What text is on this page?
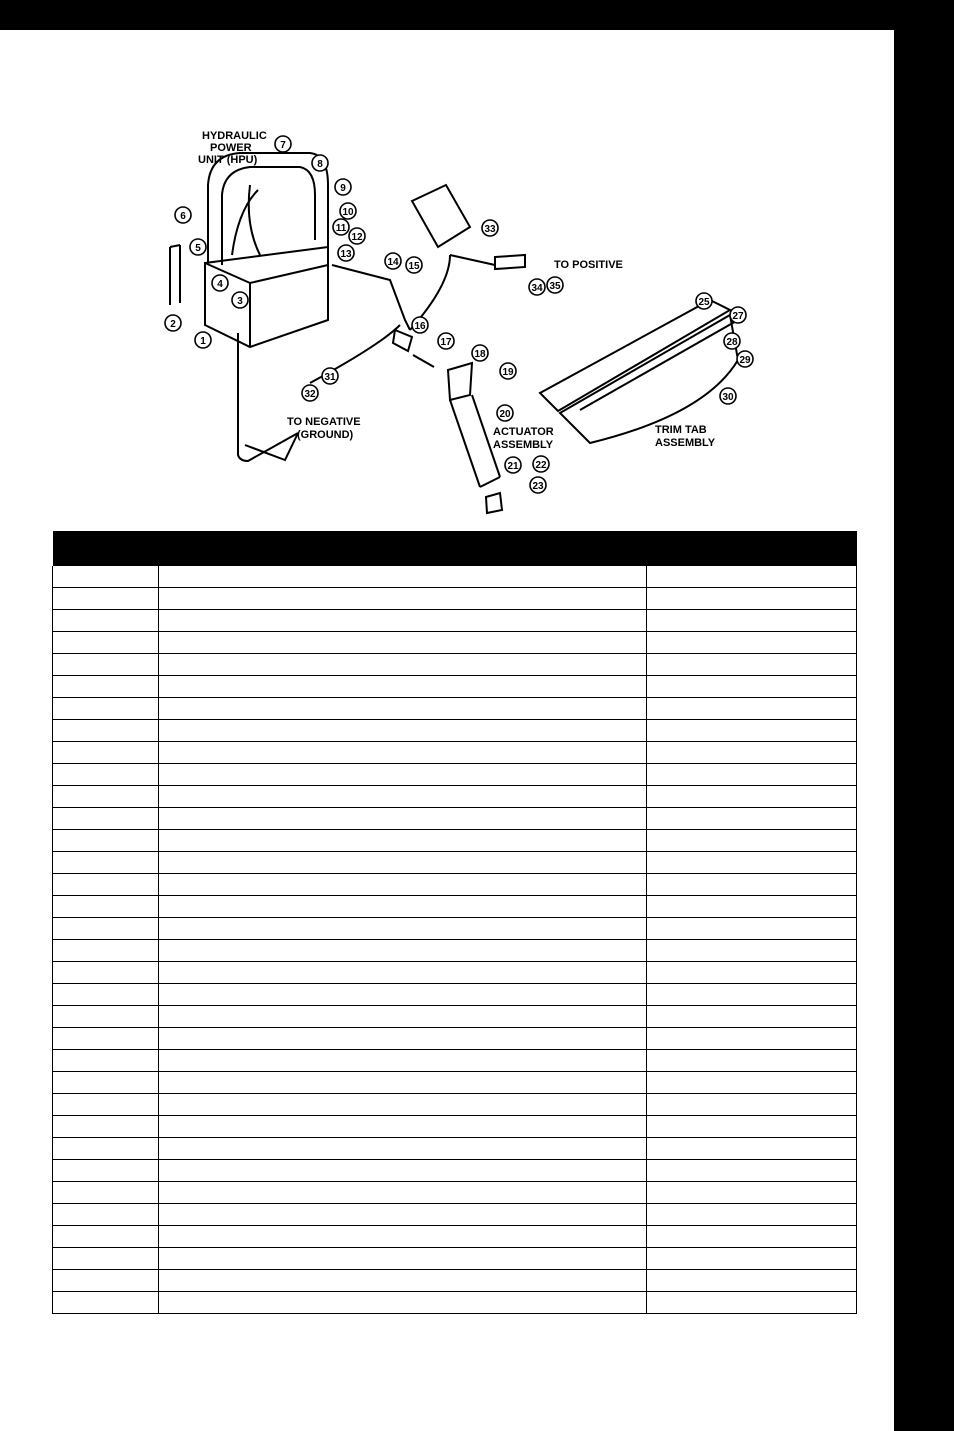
HYDRAULIC
POWER
UNIT (HPU)
TO POSITIVE
TO NEGATIVE
(GROUND)	ACTUATOR
ASSEMBLY
TRIM TAB
ASSEMBLY
1
2
3
4
5
6
7
8
9
10
11
12
13
14 15
16
17
18
19
20
21 22
23
25
27
28
29
30
31
32
33
34 35
